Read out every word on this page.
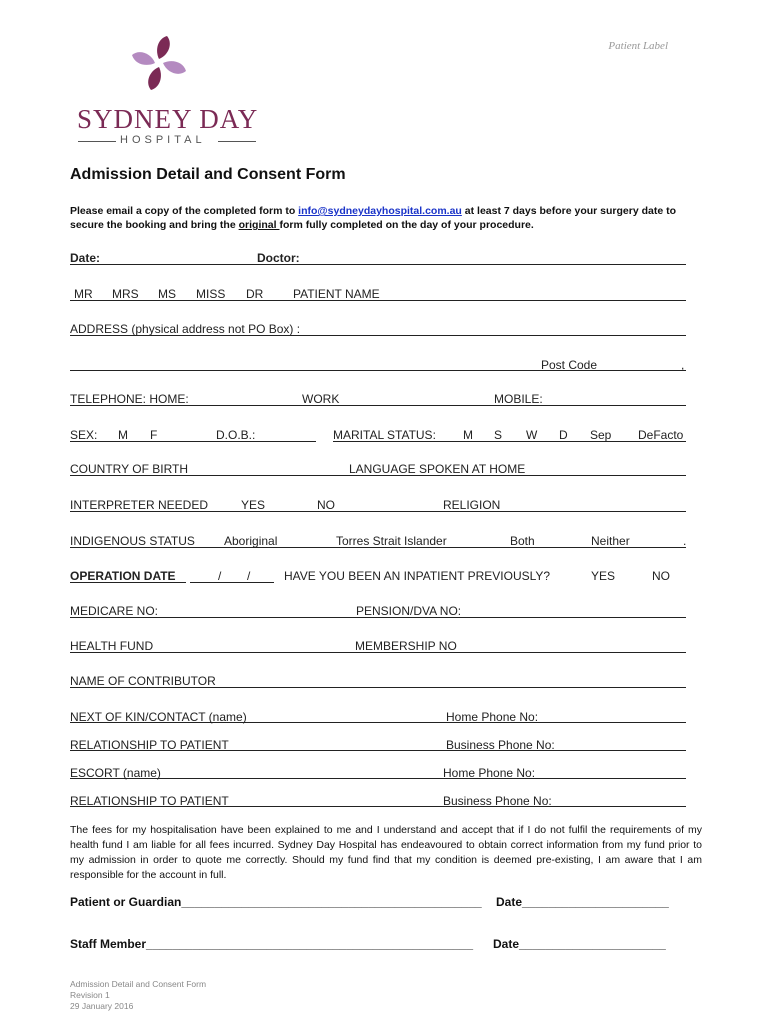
SYDNEY DAY
HOSPITAL
Patient Label
Admission Detail and Consent Form
Please email a copy of the completed form to info@sydneydayhospital.com.au at least 7 days before your surgery date to secure the booking and bring the original form fully completed on the day of your procedure.
Date:	Doctor:
MR MRS MS MISS DR PATIENT NAME
ADDRESS (physical address not PO Box) :
Post Code	,
TELEPHONE: HOME:	WORK	MOBILE:
SEX: M F	D.O.B.:	MARITAL STATUS: M S W D Sep DeFacto
COUNTRY OF BIRTH	LANGUAGE SPOKEN AT HOME
INTERPRETER NEEDED	YES	NO	RELIGION
INDIGENOUS STATUS Aboriginal	Torres Strait Islander	Both	Neither	.
OPERATION DATE	/ /	HAVE YOU BEEN AN INPATIENT PREVIOUSLY?	YES	NO
MEDICARE NO:	PENSION/DVA NO:
HEALTH FUND	MEMBERSHIP NO
NAME OF CONTRIBUTOR
NEXT OF KIN/CONTACT (name)	Home Phone No:
RELATIONSHIP TO PATIENT	Business Phone No:
ESCORT (name)	Home Phone No:
RELATIONSHIP TO PATIENT	Business Phone No:
The fees for my hospitalisation have been explained to me and I understand and accept that if I do not fulfil the requirements of my health fund I am liable for all fees incurred. Sydney Day Hospital has endeavoured to obtain correct information from my fund prior to my admission in order to quote me correctly. Should my fund find that my condition is deemed pre-existing, I am aware that I am responsible for the account in full.
Patient or Guardian_____________________________________________ Date______________________
Staff Member_________________________________________________ Date______________________
Admission Detail and Consent Form
Revision 1
29 January 2016
